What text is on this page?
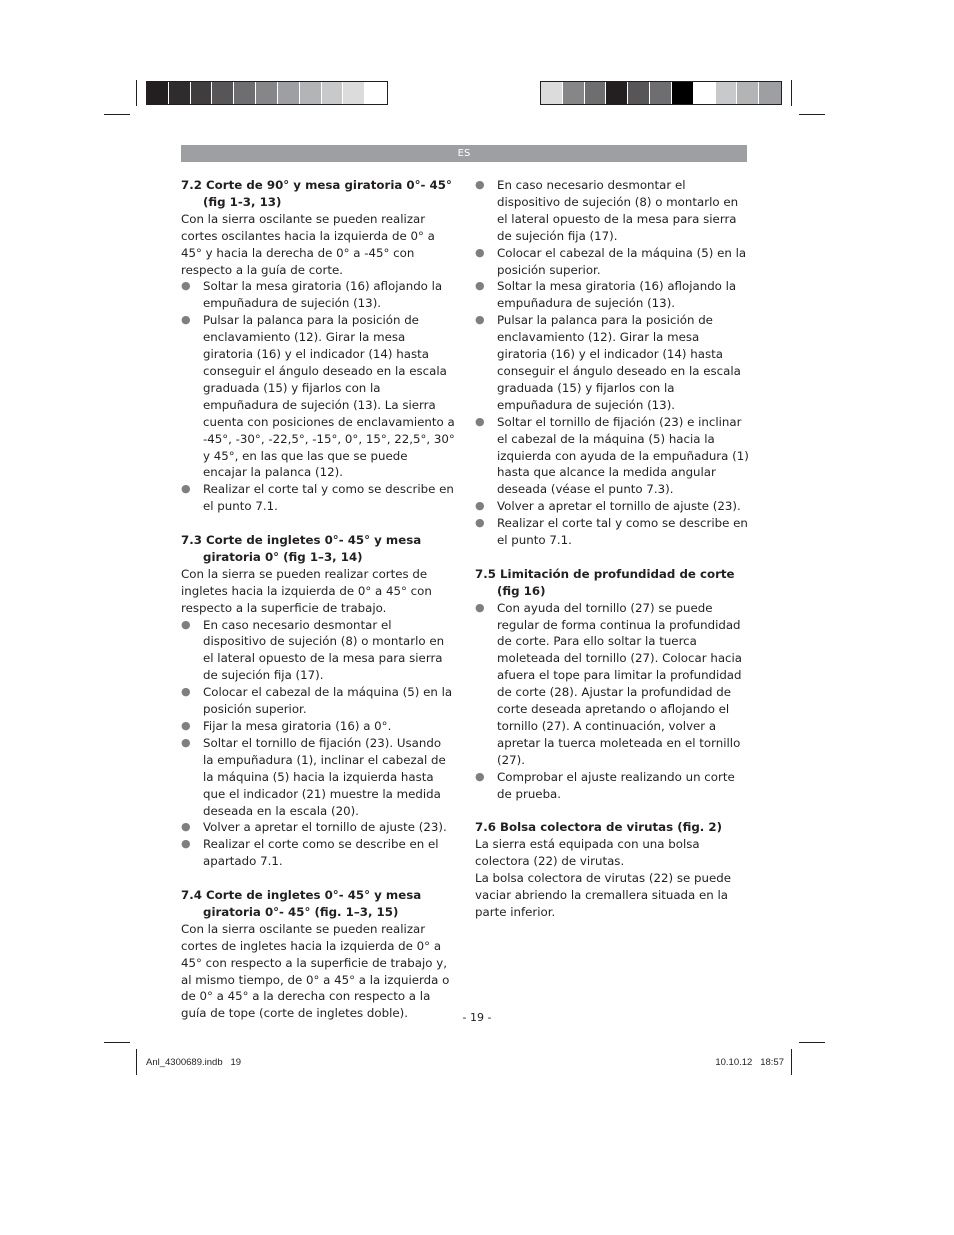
ES
7.2 Corte de 90° y mesa giratoria 0°- 45° (fig 1-3, 13)

Con la sierra oscilante se pueden realizar cortes oscilantes hacia la izquierda de 0° a 45° y hacia la derecha de 0° a -45° con respecto a la guía de corte.

● Soltar la mesa giratoria (16) aflojando la empuñadura de sujeción (13).
● Pulsar la palanca para la posición de enclavamiento (12). Girar la mesa giratoria (16) y el indicador (14) hasta conseguir el ángulo deseado en la escala graduada (15) y fijarlos con la empuñadura de sujeción (13). La sierra cuenta con posiciones de enclavamiento a -45°, -30°, -22,5°, -15°, 0°, 15°, 22,5°, 30° y 45°, en las que las que se puede encajar la palanca (12).
● Realizar el corte tal y como se describe en el punto 7.1.
7.3 Corte de ingletes 0°- 45° y mesa giratoria 0° (fig 1–3, 14)

Con la sierra se pueden realizar cortes de ingletes hacia la izquierda de 0° a 45° con respecto a la superficie de trabajo.

● En caso necesario desmontar el dispositivo de sujeción (8) o montarlo en el lateral opuesto de la mesa para sierra de sujeción fija (17).
● Colocar el cabezal de la máquina (5) en la posición superior.
● Fijar la mesa giratoria (16) a 0°.
● Soltar el tornillo de fijación (23). Usando la empuñadura (1), inclinar el cabezal de la máquina (5) hacia la izquierda hasta que el indicador (21) muestre la medida deseada en la escala (20).
● Volver a apretar el tornillo de ajuste (23).
● Realizar el corte como se describe en el apartado 7.1.
7.4 Corte de ingletes 0°- 45° y mesa giratoria 0°- 45° (fig. 1–3, 15)

Con la sierra oscilante se pueden realizar cortes de ingletes hacia la izquierda de 0° a 45° con respecto a la superficie de trabajo y, al mismo tiempo, de 0° a 45° a la izquierda o de 0° a 45° a la derecha con respecto a la guía de tope (corte de ingletes doble).

● En caso necesario desmontar el dispositivo de sujeción (8) o montarlo en el lateral opuesto de la mesa para sierra de sujeción fija (17).
● Colocar el cabezal de la máquina (5) en la posición superior.
● Soltar la mesa giratoria (16) aflojando la empuñadura de sujeción (13).
● Pulsar la palanca para la posición de enclavamiento (12). Girar la mesa giratoria (16) y el indicador (14) hasta conseguir el ángulo deseado en la escala graduada (15) y fijarlos con la empuñadura de sujeción (13).
● Soltar el tornillo de fijación (23) e inclinar el cabezal de la máquina (5) hacia la izquierda con ayuda de la empuñadura (1) hasta que alcance la medida angular deseada (véase el punto 7.3).
● Volver a apretar el tornillo de ajuste (23).
● Realizar el corte tal y como se describe en el punto 7.1.
7.5 Limitación de profundidad de corte (fig 16)
● Con ayuda del tornillo (27) se puede regular de forma continua la profundidad de corte. Para ello soltar la tuerca moleteada del tornillo (27). Colocar hacia afuera el tope para limitar la profundidad de corte (28). Ajustar la profundidad de corte deseada apretando o aflojando el tornillo (27). A continuación, volver a apretar la tuerca moleteada en el tornillo (27).
● Comprobar el ajuste realizando un corte de prueba.
7.6 Bolsa colectora de virutas (fig. 2)

La sierra está equipada con una bolsa colectora (22) de virutas.

La bolsa colectora de virutas (22) se puede vaciar abriendo la cremallera situada en la parte inferior.

- 19 -
Anl_4300689.indb   19	10.10.12   18:57
